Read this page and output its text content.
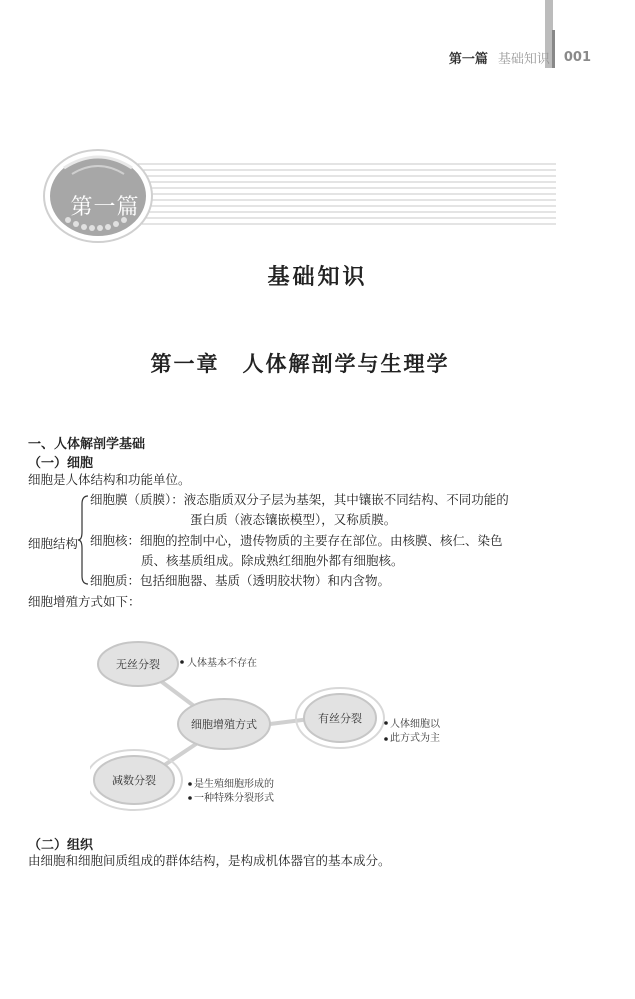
第一篇 基础知识 001
第一篇
基础知识
第一章　人体解剖学与生理学
一、人体解剖学基础
（一）细胞
细胞是人体结构和功能单位。
细胞结构
细胞膜（质膜）：液态脂质双分子层为基架，其中镶嵌不同结构、不同功能的
蛋白质（液态镶嵌模型），又称质膜。
细胞核：细胞的控制中心，遗传物质的主要存在部位。由核膜、核仁、染色
质、核基质组成。除成熟红细胞外都有细胞核。
细胞质：包括细胞器、基质（透明胶状物）和内含物。
细胞增殖方式如下：
无丝分裂
细胞增殖方式	有丝分裂
减数分裂
人体基本不存在
人体细胞以
此方式为主
是生殖细胞形成的
一种特殊分裂形式
（二）组织
由细胞和细胞间质组成的群体结构，是构成机体器官的基本成分。
